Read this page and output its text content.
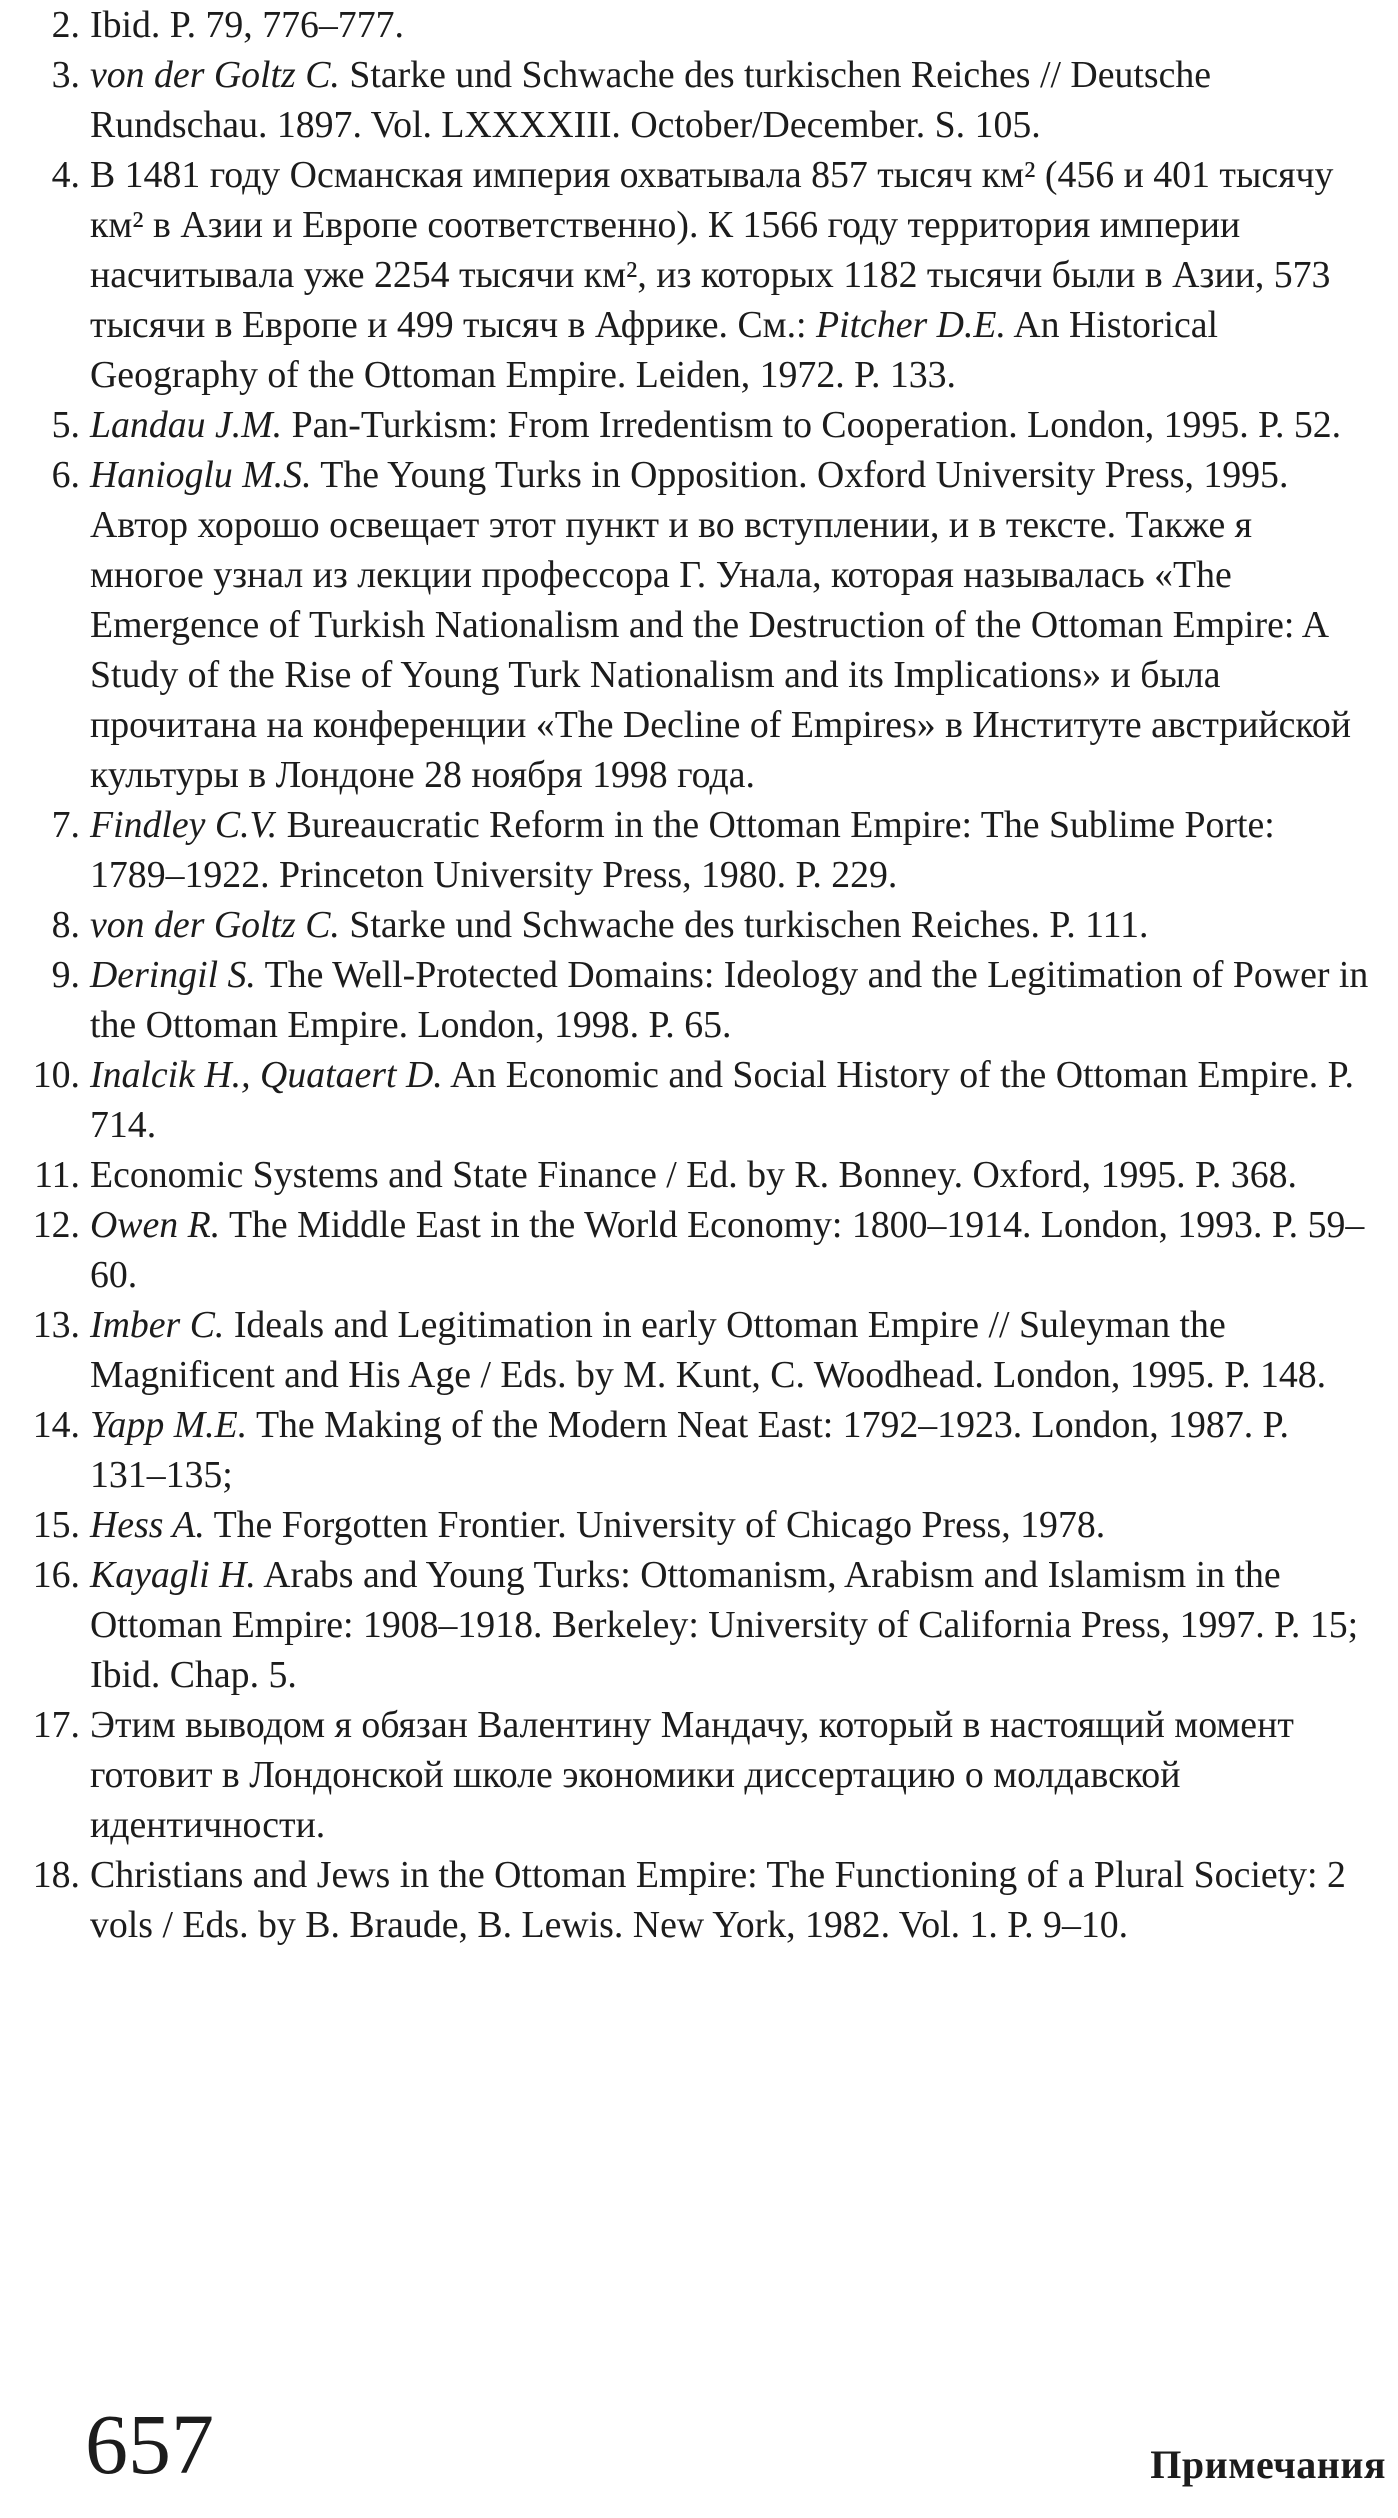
2. Ibid. P. 79, 776–777.
3. von der Goltz C. Starke und Schwache des turkischen Reiches // Deutsche Rundschau. 1897. Vol. LXXXXIII. October/December. S. 105.
4. В 1481 году Османская империя охватывала 857 тысяч км² (456 и 401 тысячу км² в Азии и Европе соответственно). К 1566 году территория империи насчитывала уже 2254 тысячи км², из которых 1182 тысячи были в Азии, 573 тысячи в Европе и 499 тысяч в Африке. См.: Pitcher D.E. An Historical Geography of the Ottoman Empire. Leiden, 1972. P. 133.
5. Landau J.M. Pan-Turkism: From Irredentism to Cooperation. London, 1995. P. 52.
6. Hanioglu M.S. The Young Turks in Opposition. Oxford University Press, 1995. Автор хорошо освещает этот пункт и во вступлении, и в тексте. Также я многое узнал из лекции профессора Г. Унала, которая называлась «The Emergence of Turkish Nationalism and the Destruction of the Ottoman Empire: A Study of the Rise of Young Turk Nationalism and its Implications» и была прочитана на конференции «The Decline of Empires» в Институте австрийской культуры в Лондоне 28 ноября 1998 года.
7. Findley C.V. Bureaucratic Reform in the Ottoman Empire: The Sublime Porte: 1789–1922. Princeton University Press, 1980. P. 229.
8. von der Goltz C. Starke und Schwache des turkischen Reiches. P. 111.
9. Deringil S. The Well-Protected Domains: Ideology and the Legitimation of Power in the Ottoman Empire. London, 1998. P. 65.
10. Inalcik H., Quataert D. An Economic and Social History of the Ottoman Empire. P. 714.
11. Economic Systems and State Finance / Ed. by R. Bonney. Oxford, 1995. P. 368.
12. Owen R. The Middle East in the World Economy: 1800–1914. London, 1993. P. 59–60.
13. Imber C. Ideals and Legitimation in early Ottoman Empire // Suleyman the Magnificent and His Age / Eds. by M. Kunt, C. Woodhead. London, 1995. P. 148.
14. Yapp M.E. The Making of the Modern Neat East: 1792–1923. London, 1987. P. 131–135;
15. Hess A. The Forgotten Frontier. University of Chicago Press, 1978.
16. Kayagli H. Arabs and Young Turks: Ottomanism, Arabism and Islamism in the Ottoman Empire: 1908–1918. Berkeley: University of California Press, 1997. P. 15; Ibid. Chap. 5.
17. Этим выводом я обязан Валентину Мандачу, который в настоящий момент готовит в Лондонской школе экономики диссертацию о молдавской идентичности.
18. Christians and Jews in the Ottoman Empire: The Functioning of a Plural Society: 2 vols / Eds. by B. Braude, B. Lewis. New York, 1982. Vol. 1. P. 9–10.
657	Примечания
